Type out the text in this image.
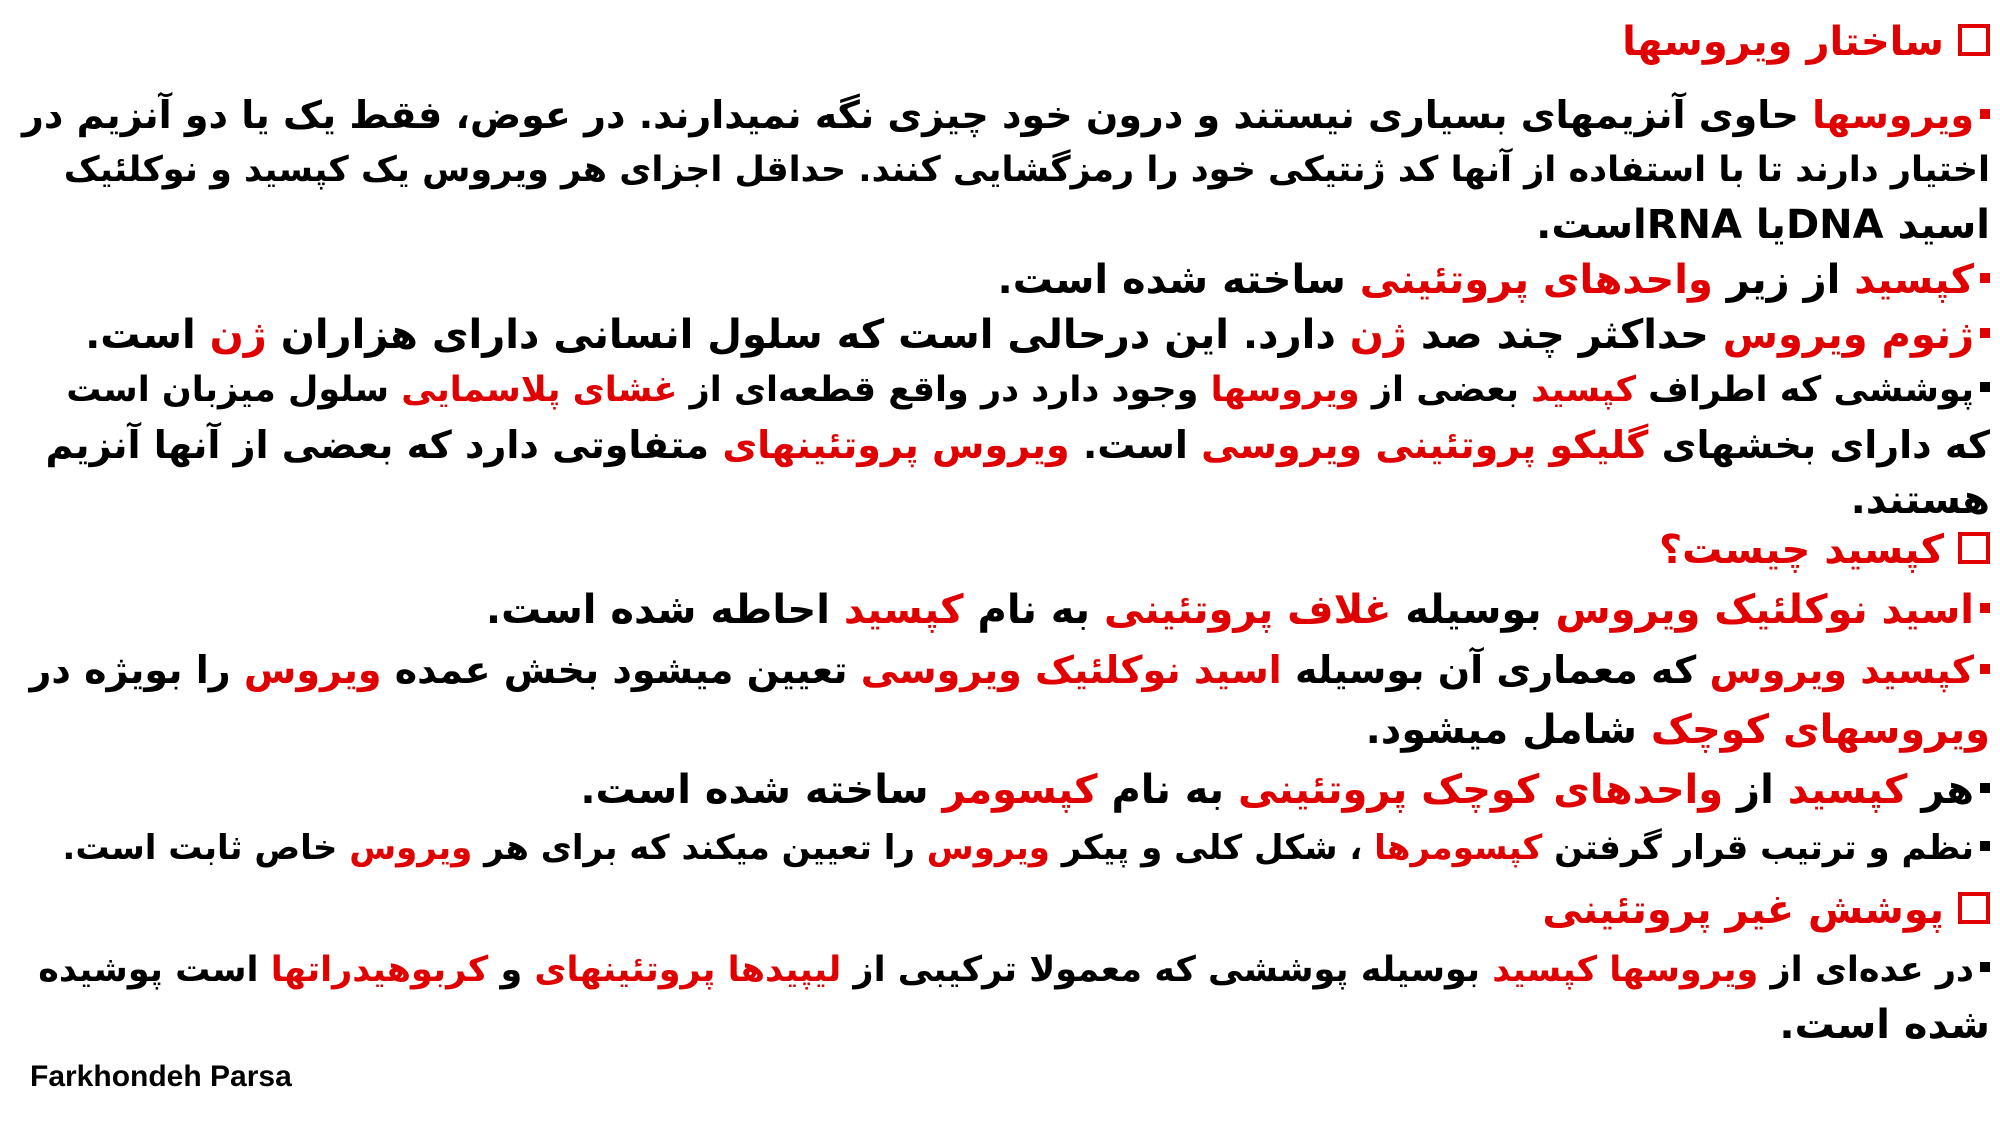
ساختار ویروسها
ویروسها حاوی آنزیمهای بسیاری نیستند و درون خود چیزی نگه نمیدارند. در عوض، فقط یک یا دو آنزیم در
اختیار دارند تا با استفاده از آنها کد ژنتیکی خود را رمزگشایی کنند. حداقل اجزای هر ویروس یک کپسید و نوکلئیک
اسید DNAیا RNAاست.
کپسید از زیر واحدهای پروتئینی ساخته شده است.
ژنوم ویروس حداکثر چند صد ژن دارد. این درحالی است که سلول انسانی دارای هزاران ژن است.
پوششی که اطراف کپسید بعضی از ویروسها وجود دارد در واقع قطعه‌ای از غشای پلاسمایی سلول میزبان است
که دارای بخشهای گلیکو پروتئینی ویروسی است. ویروس پروتئینهای متفاوتی دارد که بعضی از آنها آنزیم
هستند.
کپسید چیست؟
اسید نوکلئیک ویروس بوسیله غلاف پروتئینی به نام کپسید احاطه شده است.
کپسید ویروس که معماری آن بوسیله اسید نوکلئیک ویروسی تعیین میشود بخش عمده ویروس را بویژه در
ویروسهای کوچک شامل میشود.
هر کپسید از واحدهای کوچک پروتئینی به نام کپسومر ساخته شده است.
نظم و ترتیب قرار گرفتن کپسومرها ، شکل کلی و پیکر ویروس را تعیین میکند که برای هر ویروس خاص ثابت است.
پوشش غیر پروتئینی
در عده‌ای از ویروسها کپسید بوسیله پوششی که معمولا ترکیبی از لیپیدها پروتئینهای و کربوهیدراتها است پوشیده
شده است.
Farkhondeh Parsa
